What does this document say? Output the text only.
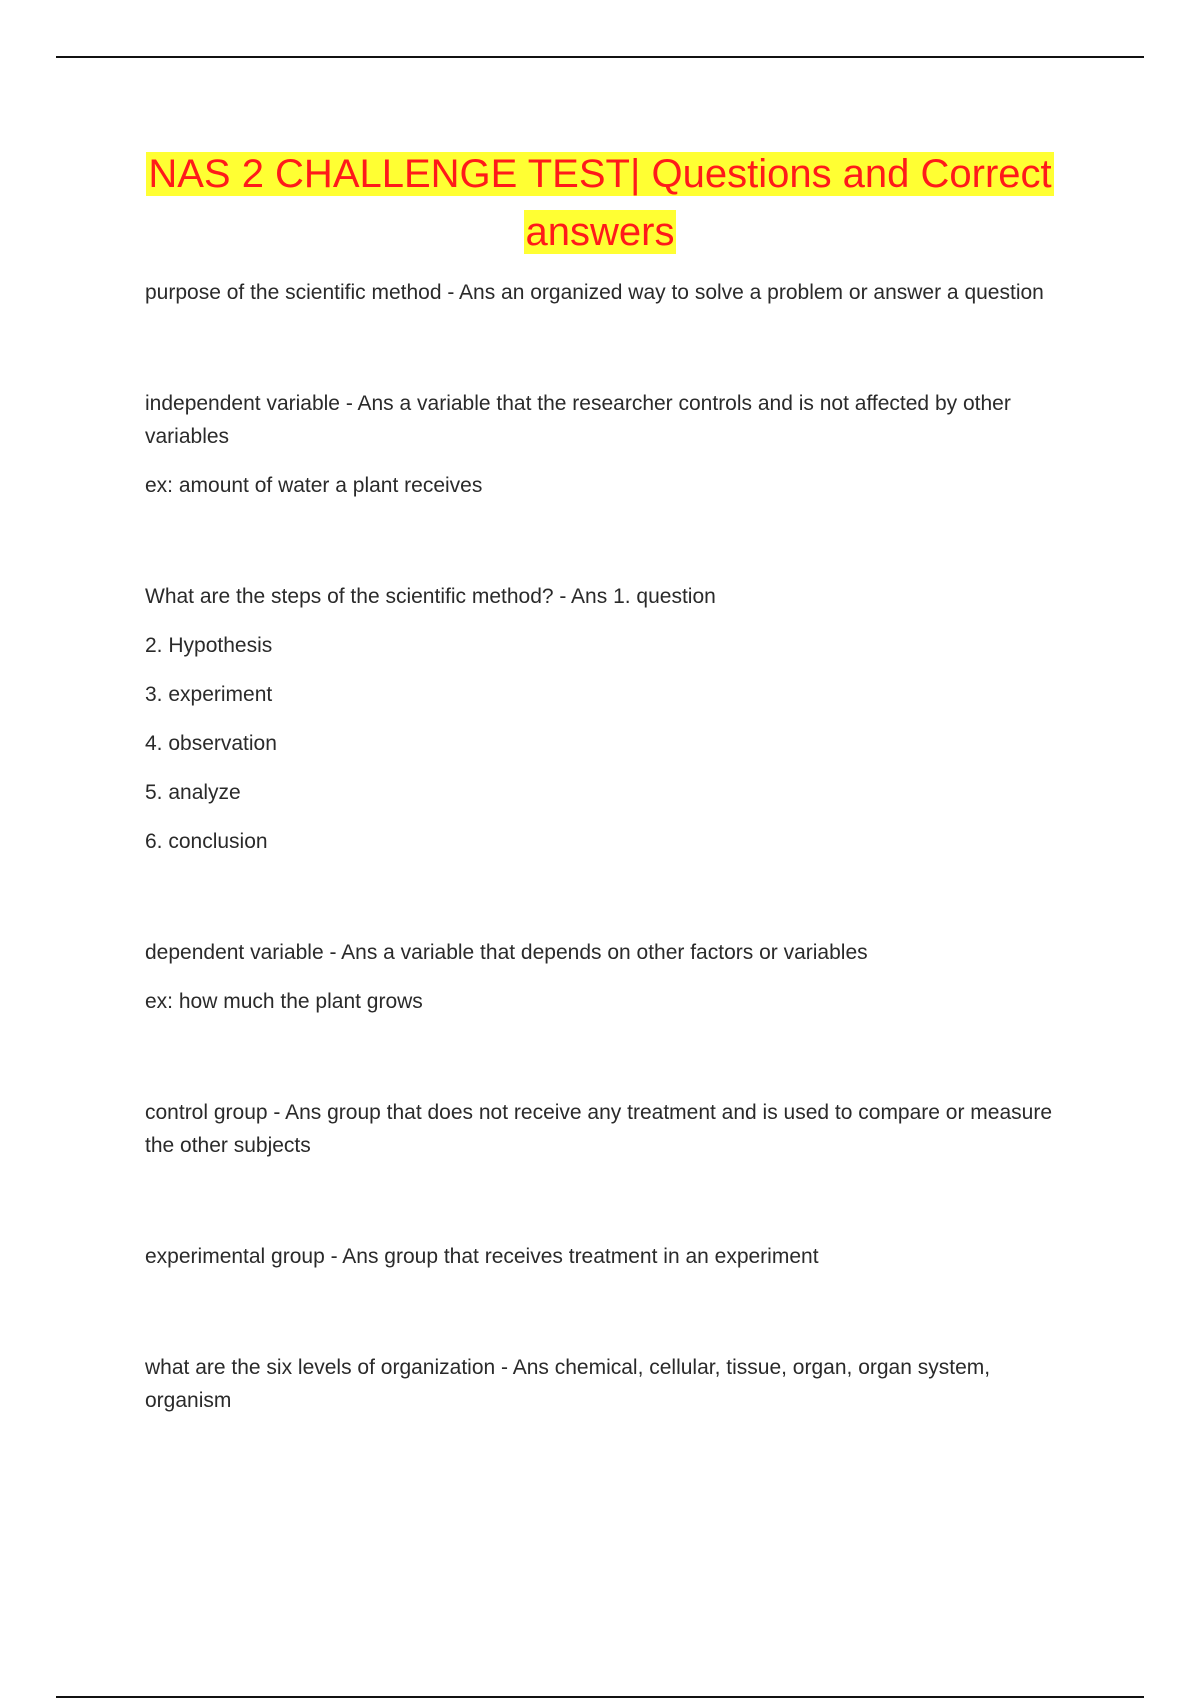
NAS 2 CHALLENGE TEST| Questions and Correct
answers

purpose of the scientific method - Ans an organized way to solve a problem or answer a question

independent variable - Ans a variable that the researcher controls and is not affected by other variables

ex: amount of water a plant receives

What are the steps of the scientific method? - Ans 1. question

2. Hypothesis

3. experiment

4. observation

5. analyze

6. conclusion

dependent variable - Ans a variable that depends on other factors or variables

ex: how much the plant grows

control group - Ans group that does not receive any treatment and is used to compare or measure the other subjects

experimental group - Ans group that receives treatment in an experiment

what are the six levels of organization - Ans chemical, cellular, tissue, organ, organ system, organism
